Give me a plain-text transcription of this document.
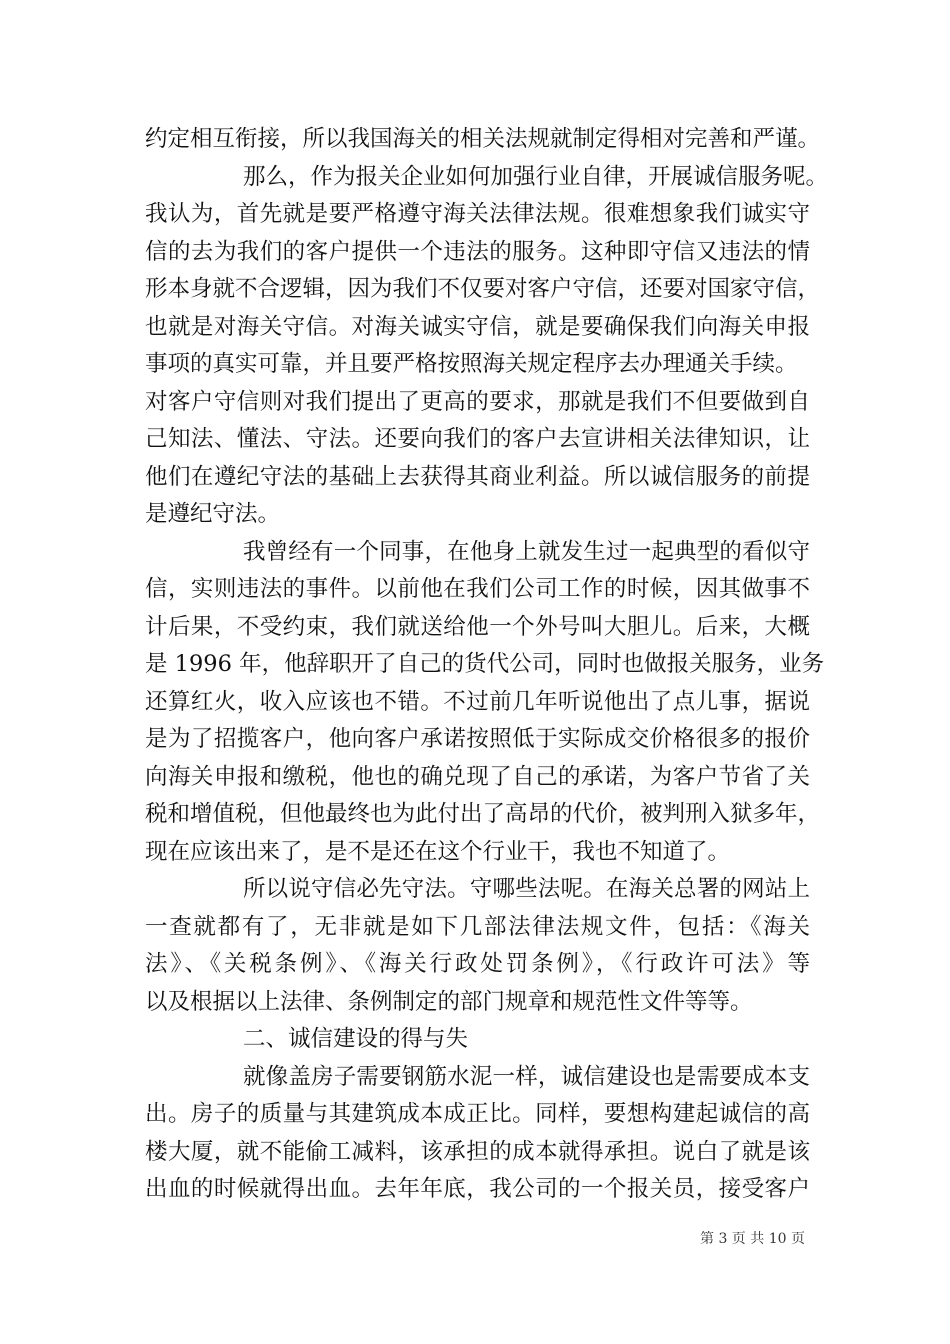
约定相互衔接，所以我国海关的相关法规就制定得相对完善和严谨。
那么，作为报关企业如何加强行业自律，开展诚信服务呢。
我认为，首先就是要严格遵守海关法律法规。很难想象我们诚实守
信的去为我们的客户提供一个违法的服务。这种即守信又违法的情
形本身就不合逻辑，因为我们不仅要对客户守信，还要对国家守信，
也就是对海关守信。对海关诚实守信，就是要确保我们向海关申报
事项的真实可靠，并且要严格按照海关规定程序去办理通关手续。
对客户守信则对我们提出了更高的要求，那就是我们不但要做到自
己知法、懂法、守法。还要向我们的客户去宣讲相关法律知识，让
他们在遵纪守法的基础上去获得其商业利益。所以诚信服务的前提
是遵纪守法。
我曾经有一个同事，在他身上就发生过一起典型的看似守
信，实则违法的事件。以前他在我们公司工作的时候，因其做事不
计后果，不受约束，我们就送给他一个外号叫大胆儿。后来，大概
是 1996 年，他辞职开了自己的货代公司，同时也做报关服务，业务
还算红火，收入应该也不错。不过前几年听说他出了点儿事，据说
是为了招揽客户，他向客户承诺按照低于实际成交价格很多的报价
向海关申报和缴税，他也的确兑现了自己的承诺，为客户节省了关
税和增值税，但他最终也为此付出了高昂的代价，被判刑入狱多年，
现在应该出来了，是不是还在这个行业干，我也不知道了。
所以说守信必先守法。守哪些法呢。在海关总署的网站上
一查就都有了，无非就是如下几部法律法规文件，包括：《海关
法》、《关税条例》、《海关行政处罚条例》，《行政许可法》等
以及根据以上法律、条例制定的部门规章和规范性文件等等。
二、诚信建设的得与失
就像盖房子需要钢筋水泥一样，诚信建设也是需要成本支
出。房子的质量与其建筑成本成正比。同样，要想构建起诚信的高
楼大厦，就不能偷工减料，该承担的成本就得承担。说白了就是该
出血的时候就得出血。去年年底，我公司的一个报关员，接受客户
第 3 页 共 10 页
